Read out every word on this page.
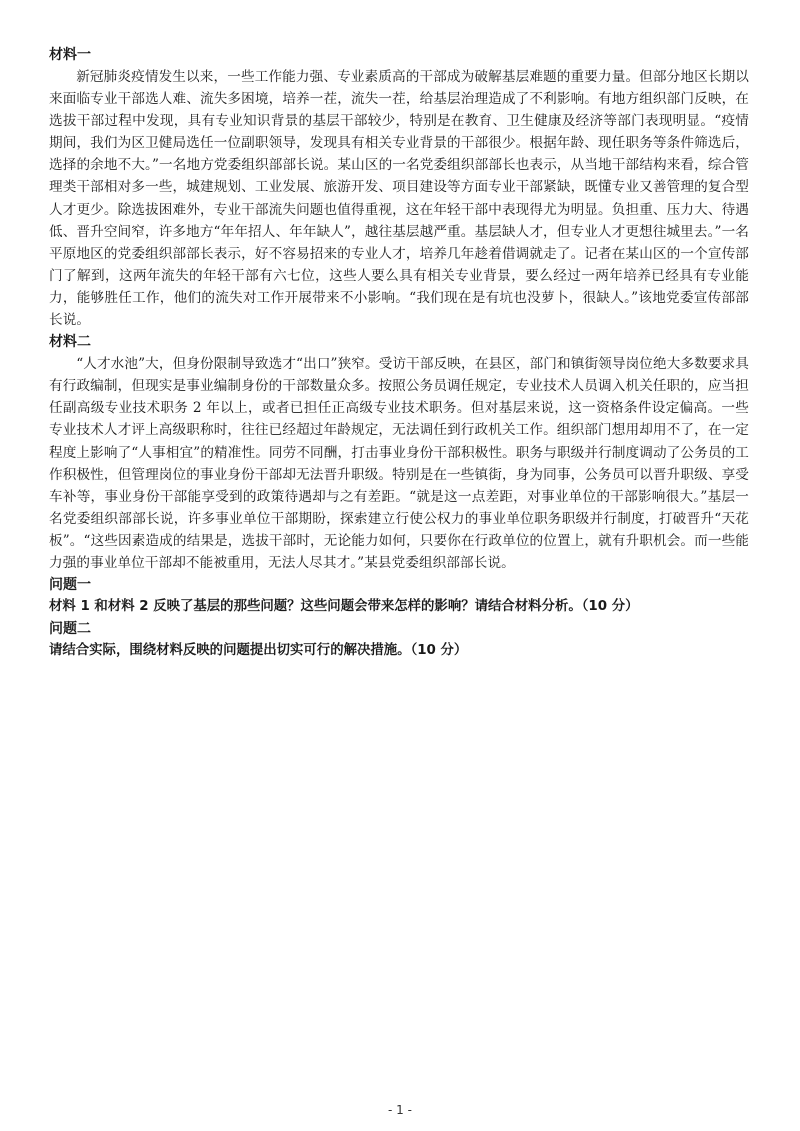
材料一

新冠肺炎疫情发生以来，一些工作能力强、专业素质高的干部成为破解基层难题的重要力量。但部分地区长期以来面临专业干部选人难、流失多困境，培养一茬，流失一茬，给基层治理造成了不利影响。有地方组织部门反映，在选拔干部过程中发现，具有专业知识背景的基层干部较少，特别是在教育、卫生健康及经济等部门表现明显。“疫情期间，我们为区卫健局选任一位副职领导，发现具有相关专业背景的干部很少。根据年龄、现任职务等条件筛选后，选择的余地不大。”一名地方党委组织部部长说。某山区的一名党委组织部部长也表示，从当地干部结构来看，综合管理类干部相对多一些，城建规划、工业发展、旅游开发、项目建设等方面专业干部紧缺，既懂专业又善管理的复合型人才更少。除选拔困难外，专业干部流失问题也值得重视，这在年轻干部中表现得尤为明显。负担重、压力大、待遇低、晋升空间窄，许多地方“年年招人、年年缺人”，越往基层越严重。基层缺人才，但专业人才更想往城里去。”一名平原地区的党委组织部部长表示，好不容易招来的专业人才，培养几年趁着借调就走了。记者在某山区的一个宣传部门了解到，这两年流失的年轻干部有六七位，这些人要么具有相关专业背景，要么经过一两年培养已经具有专业能力，能够胜任工作，他们的流失对工作开展带来不小影响。“我们现在是有坑也没萝卜，很缺人。”该地党委宣传部部长说。

材料二

“人才水池”大，但身份限制导致选才“出口”狭窄。受访干部反映，在县区，部门和镇街领导岗位绝大多数要求具有行政编制，但现实是事业编制身份的干部数量众多。按照公务员调任规定，专业技术人员调入机关任职的，应当担任副高级专业技术职务 2 年以上，或者已担任正高级专业技术职务。但对基层来说，这一资格条件设定偏高。一些专业技术人才评上高级职称时，往往已经超过年龄规定，无法调任到行政机关工作。组织部门想用却用不了，在一定程度上影响了“人事相宜”的精准性。同劳不同酬，打击事业身份干部积极性。职务与职级并行制度调动了公务员的工作积极性，但管理岗位的事业身份干部却无法晋升职级。特别是在一些镇街，身为同事，公务员可以晋升职级、享受车补等，事业身份干部能享受到的政策待遇却与之有差距。“就是这一点差距，对事业单位的干部影响很大。”基层一名党委组织部部长说，许多事业单位干部期盼，探索建立行使公权力的事业单位职务职级并行制度，打破晋升“天花板”。“这些因素造成的结果是，选拔干部时，无论能力如何，只要你在行政单位的位置上，就有升职机会。而一些能力强的事业单位干部却不能被重用，无法人尽其才。”某县党委组织部部长说。

问题一

材料 1 和材料 2 反映了基层的那些问题？这些问题会带来怎样的影响？请结合材料分析。（10 分）

问题二

请结合实际，围绕材料反映的问题提出切实可行的解决措施。（10 分）

- 1 -
